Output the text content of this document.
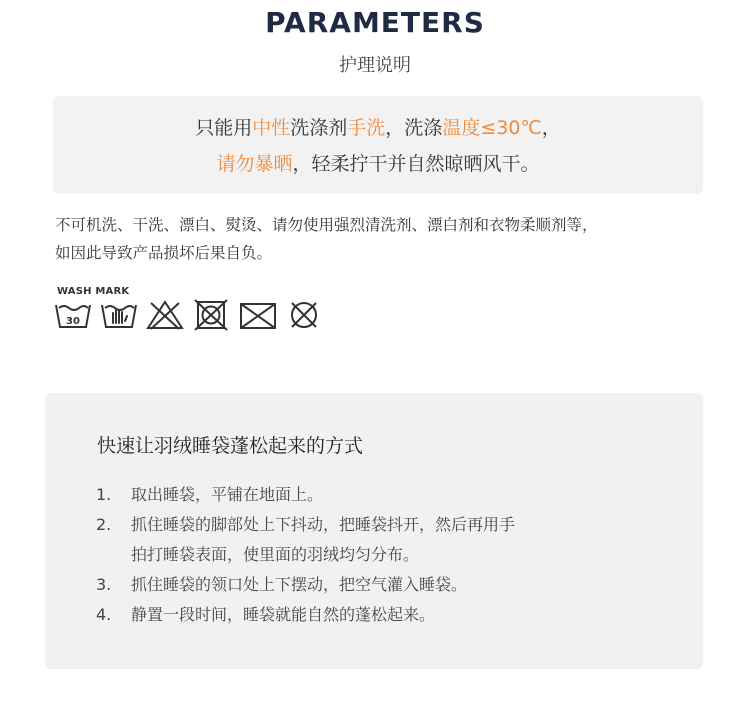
PARAMETERS
护理说明
只能用中性洗涤剂手洗，洗涤温度≤30℃，
请勿暴晒，轻柔拧干并自然晾晒风干。
不可机洗、干洗、漂白、熨烫、请勿使用强烈清洗剂、漂白剂和衣物柔顺剂等，
如因此导致产品损坏后果自负。
WASH MARK
30
快速让羽绒睡袋蓬松起来的方式
1. 取出睡袋，平铺在地面上。
2. 抓住睡袋的脚部处上下抖动，把睡袋抖开，然后再用手
拍打睡袋表面，使里面的羽绒均匀分布。
3. 抓住睡袋的领口处上下摆动，把空气灌入睡袋。
4. 静置一段时间，睡袋就能自然的蓬松起来。
